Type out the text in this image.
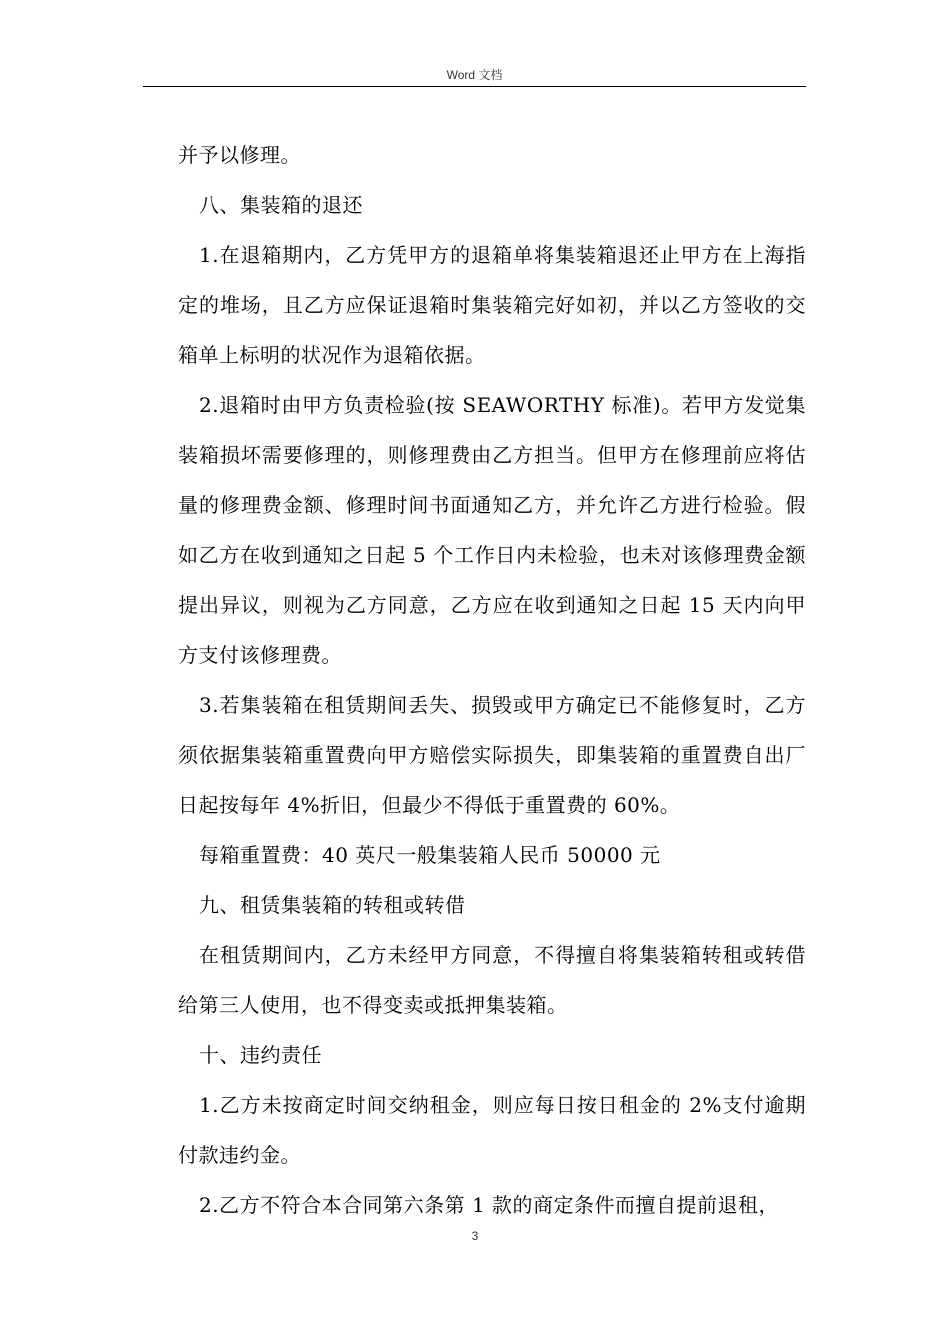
Word 文档

并予以修理。

八、集装箱的退还

1.在退箱期内，乙方凭甲方的退箱单将集装箱退还止甲方在上海指定的堆场，且乙方应保证退箱时集装箱完好如初，并以乙方签收的交箱单上标明的状况作为退箱依据。

2.退箱时由甲方负责检验(按 SEAWORTHY 标准)。若甲方发觉集装箱损坏需要修理的，则修理费由乙方担当。但甲方在修理前应将估量的修理费金额、修理时间书面通知乙方，并允许乙方进行检验。假如乙方在收到通知之日起 5 个工作日内未检验，也未对该修理费金额提出异议，则视为乙方同意，乙方应在收到通知之日起 15 天内向甲方支付该修理费。

3.若集装箱在租赁期间丢失、损毁或甲方确定已不能修复时，乙方须依据集装箱重置费向甲方赔偿实际损失，即集装箱的重置费自出厂日起按每年 4%折旧，但最少不得低于重置费的 60%。

每箱重置费：40 英尺一般集装箱人民币 50000 元

九、租赁集装箱的转租或转借

在租赁期间内，乙方未经甲方同意，不得擅自将集装箱转租或转借给第三人使用，也不得变卖或抵押集装箱。

十、违约责任

1.乙方未按商定时间交纳租金，则应每日按日租金的 2%支付逾期付款违约金。

2.乙方不符合本合同第六条第 1 款的商定条件而擅自提前退租，

3
